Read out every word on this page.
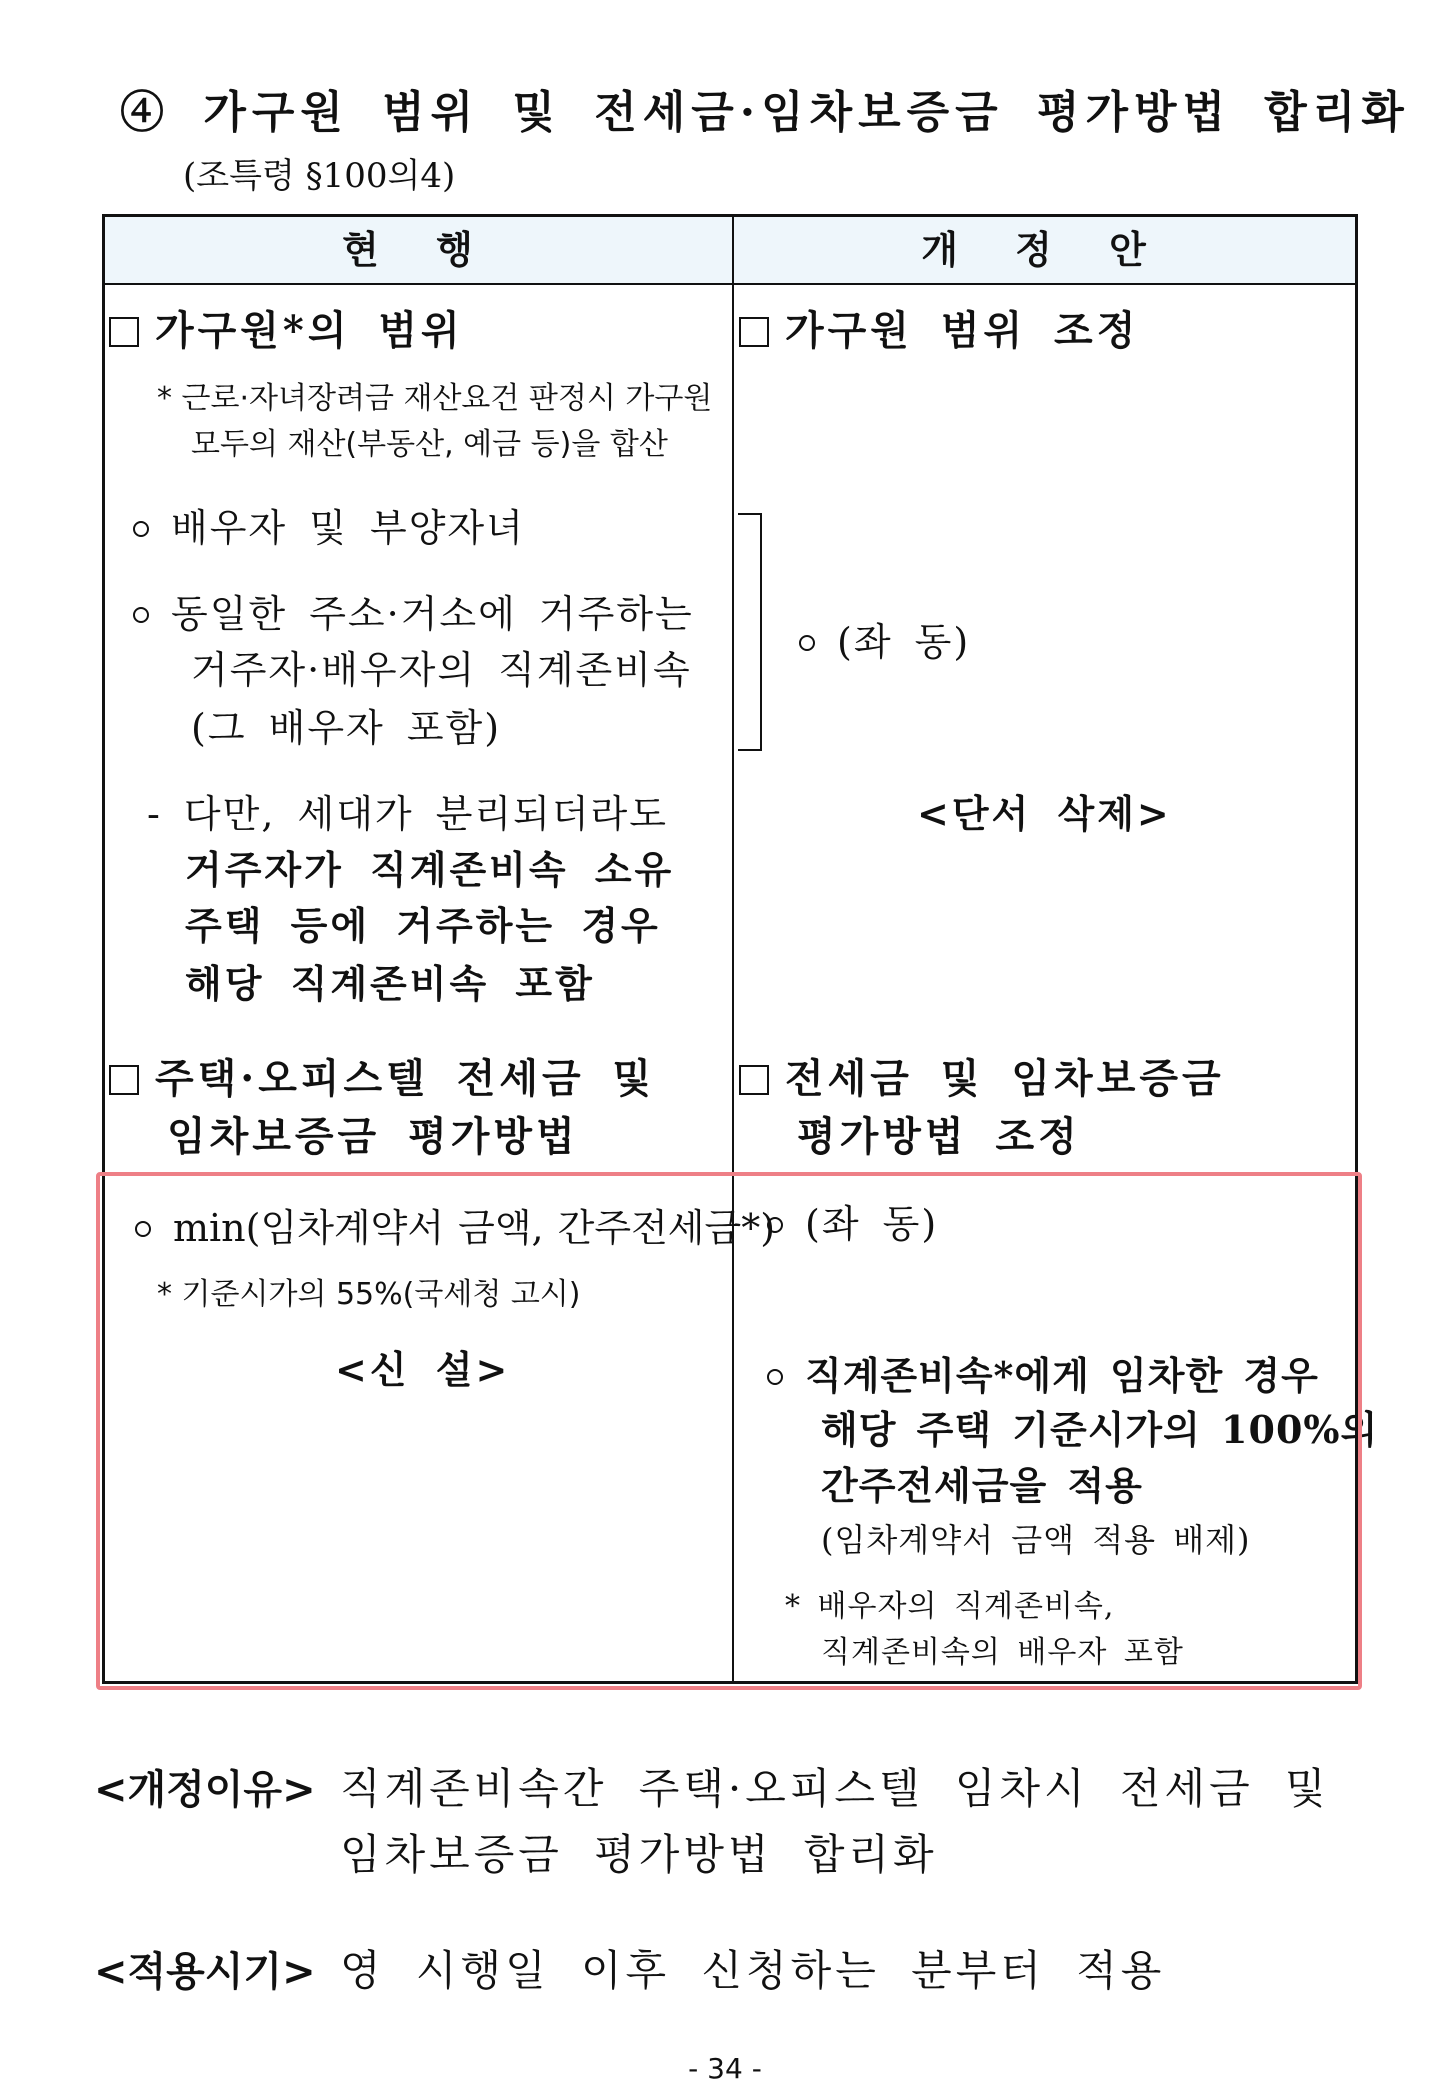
④ 가구원 범위 및 전세금·임차보증금 평가방법 합리화
(조특령 §100의4)
현 행	개 정 안
가구원*의 범위
* 근로·자녀장려금 재산요건 판정시 가구원
모두의 재산(부동산, 예금 등)을 합산
배우자 및 부양자녀
동일한 주소·거소에 거주하는
거주자·배우자의 직계존비속
(그 배우자 포함)
- 다만, 세대가 분리되더라도
거주자가 직계존비속 소유
주택 등에 거주하는 경우
해당 직계존비속 포함
주택·오피스텔 전세금 및
임차보증금 평가방법
min(임차계약서 금액, 간주전세금*)
* 기준시가의 55%(국세청 고시)
<신 설>
가구원 범위 조정
(좌 동)
<단서 삭제>
전세금 및 임차보증금
평가방법 조정
(좌 동)
직계존비속*에게 임차한 경우
해당 주택 기준시가의 100%의
간주전세금을 적용
(임차계약서 금액 적용 배제)
* 배우자의 직계존비속,
직계존비속의 배우자 포함
<개정이유> 직계존비속간 주택·오피스텔 임차시 전세금 및
임차보증금 평가방법 합리화
<적용시기> 영 시행일 이후 신청하는 분부터 적용
- 34 -
